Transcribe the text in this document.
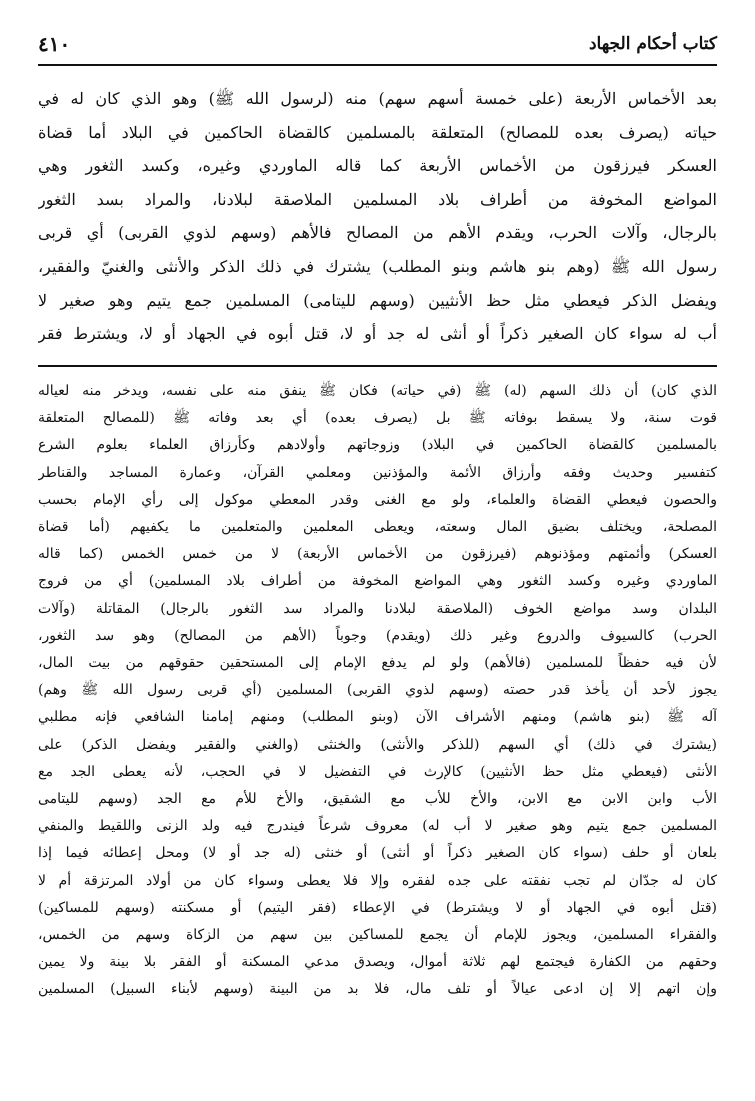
كتاب أحكام الجهاد
٤١٠
بعد الأخماس الأربعة (على خمسة أسهم سهم) منه (لرسول الله ﷺ) وهو الذي كان له في
حياته (يصرف بعده للمصالح) المتعلقة بالمسلمين كالقضاة الحاكمين في البلاد أما قضاة
العسكر فيرزقون من الأخماس الأربعة كما قاله الماوردي وغيره، وكسد الثغور وهي
المواضع المخوفة من أطراف بلاد المسلمين الملاصقة لبلادنا، والمراد بسد الثغور
بالرجال، وآلات الحرب، ويقدم الأهم من المصالح فالأهم (وسهم لذوي القربى) أي قربى
رسول الله ﷺ (وهم بنو هاشم وبنو المطلب) يشترك في ذلك الذكر والأنثى والغنيّ والفقير،
ويفضل الذكر فيعطي مثل حظ الأنثيين (وسهم لليتامى) المسلمين جمع يتيم وهو صغير لا
أب له سواء كان الصغير ذكراً أو أنثى له جد أو لا، قتل أبوه في الجهاد أو لا، ويشترط فقر
الذي كان) أن ذلك السهم (له) ﷺ (في حياته) فكان ﷺ ينفق منه على نفسه، ويدخر منه لعياله
قوت سنة، ولا يسقط بوفاته ﷺ بل (يصرف بعده) أي بعد وفاته ﷺ (للمصالح المتعلقة
بالمسلمين كالقضاة الحاكمين في البلاد) وزوجاتهم وأولادهم وكأرزاق العلماء بعلوم الشرع
كتفسير وحديث وفقه وأرزاق الأئمة والمؤذنين ومعلمي القرآن، وعمارة المساجد والقناطر
والحصون فيعطي القضاة والعلماء، ولو مع الغنى وقدر المعطي موكول إلى رأي الإمام بحسب
المصلحة، ويختلف بضيق المال وسعته، ويعطى المعلمين والمتعلمين ما يكفيهم (أما قضاة
العسكر) وأئمتهم ومؤذنوهم (فيرزقون من الأخماس الأربعة) لا من خمس الخمس (كما قاله
الماوردي وغيره وكسد الثغور وهي المواضع المخوفة من أطراف بلاد المسلمين) أي من فروج
البلدان وسد مواضع الخوف (الملاصقة لبلادنا والمراد سد الثغور بالرجال) المقاتلة (وآلات
الحرب) كالسيوف والدروع وغير ذلك (ويقدم) وجوباً (الأهم من المصالح) وهو سد الثغور،
لأن فيه حفظاً للمسلمين (فالأهم) ولو لم يدفع الإمام إلى المستحقين حقوقهم من بيت المال،
يجوز لأحد أن يأخذ قدر حصته (وسهم لذوي القربى) المسلمين (أي قربى رسول الله ﷺ وهم)
آله ﷺ (بنو هاشم) ومنهم الأشراف الآن (وبنو المطلب) ومنهم إمامنا الشافعي فإنه مطلبي
(يشترك في ذلك) أي السهم (للذكر والأنثى) والخنثى (والغني والفقير ويفضل الذكر) على
الأنثى (فيعطي مثل حظ الأنثيين) كالإرث في التفضيل لا في الحجب، لأنه يعطى الجد مع
الأب وابن الابن مع الابن، والأخ للأب مع الشقيق، والأخ للأم مع الجد (وسهم لليتامى
المسلمين جمع يتيم وهو صغير لا أب له) معروف شرعاً فيندرج فيه ولد الزنى واللقيط والمنفي
بلعان أو حلف (سواء كان الصغير ذكراً أو أنثى) أو خنثى (له جد أو لا) ومحل إعطائه فيما إذا
كان له جدّان لم تجب نفقته على جده لفقره وإلا فلا يعطى وسواء كان من أولاد المرتزقة أم لا
(قتل أبوه في الجهاد أو لا ويشترط) في الإعطاء (فقر اليتيم) أو مسكنته (وسهم للمساكين)
والفقراء المسلمين، ويجوز للإمام أن يجمع للمساكين بين سهم من الزكاة وسهم من الخمس،
وحقهم من الكفارة فيجتمع لهم ثلاثة أموال، ويصدق مدعي المسكنة أو الفقر بلا بينة ولا يمين
وإن اتهم إلا إن ادعى عيالاً أو تلف مال، فلا بد من البينة (وسهم لأبناء السبيل) المسلمين
